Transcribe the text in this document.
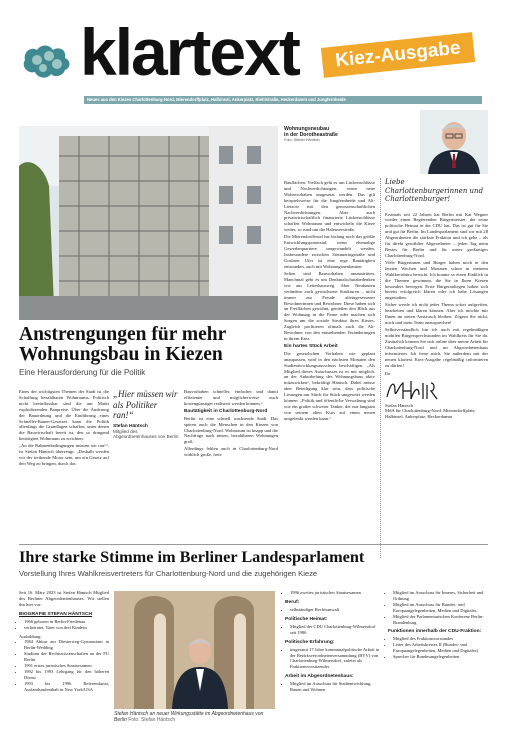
klartext	Kiez-Ausgabe
Neues aus den Kiezen Charlottenburg-Nord, Mierendorffplatz, Halbinsel, Ankerplatz, Riehlstraße, Heckerdamm und Jungfernheide
Wohnungsneubau
in der Dorotheastraße
Foto: Stefan Häntsch
Anstrengungen für mehr Wohnungsbau in Kiezen
Eine Herausforderung für die Politik

Eines der wichtigsten Themen der Stadt ist die Schaffung bezahlbaren Wohnraums. Politisch nicht beeinflussbar sind die am Markt explodierenden Baupreise. Über die Änderung der Bauordnung und die Einführung eines Schneller-Bauen-Gesetzes kann die Politik allerdings die Grundlagen schaffen, unter denen die Bauwirtschaft bereit ist, den so dringend benötigten Wohnraum zu errichten.

„An die Rahmenbedingungen müssen wir ran!“, ist Stefan Häntsch überzeugt. „Deshalb werden wir der treibende Motor sein, um ein Gesetz auf den Weg zu bringen, durch das

„Hier müssen wir als Politiker ran!“
Stefan Häntsch
Mitglied des Abgeordnetenhauses von Berlin

Bauvorhaben schneller, einfacher und damit effizienter und möglicherweise auch kostengünstiger realisiert werden können.“

Bautätigkeit in Charlottenburg-Nord

Berlin ist eine schnell wachsende Stadt. Das spüren auch die Menschen in den Kiezen von Charlottenburg-Nord. Wohnraum ist knapp und die Nachfrage nach neuen, bezahlbaren Wohnungen groß.

Allerdings fehlen auch in Charlottenburg-Nord wirklich große, freie

Bauflächen. Vielfach geht es um Lückenschlüsse und Nachverdichtungen, wenn neue Wohnvorhaben umgesetzt werden. Das gilt beispielsweise für die Jungfernheide und Alt-Lietzow mit den genossenschaftlichen Nachverdichtungen. Aber auch privatwirtschaftlich finanzierte Lückenschlüsse schaffen Wohnraum und entwickeln die Kieze weiter, so rund um die Halenseestraße.

Die Mierendorffinsel hat bislang noch das größte Entwicklungspotenzial, wenn ehemalige Gewerbequartiere umgewandelt werden. Insbesondere zwischen Sömmeringstraße und Goslarer Ufer ist eine rege Bautätigkeit entstanden, auch mit Wohnungsneubauten.

Selten sind Bauvorhaben unumstritten. Manchmal geht es um Denkmalschutzbedenken wie am Letterhausweg. Aber Neubauten verändern auch gewachsene Strukturen – nicht immer zur Freude alteingesessener Bewohnerinnen und Bewohner. Diese haben sich an Freiflächen gewöhnt, genießen den Blick aus der Wohnung in die Ferne oder machen sich Sorgen um die soziale Struktur ihres Kiezes. Zugleich profitieren oftmals auch die Alt-Bewohner von den entstehenden Veränderungen in ihrem Kiez.

Ein hartes Stück Arbeit

Die gesetzlichen Vorhaben wie geplant anzupassen, wird in den nächsten Monaten den Stadtentwicklungsausschuss beschäftigen. „Als Mitglied dieses Ausschusses ist es mir möglich, an der Ankurbelung des Wohnungsbaus aktiv mitzuwirken“, bekräftigt Häntsch. Dabei müsse aber Beteiligung klar sein, dass politische Lösungen nur Stück für Stück umgesetzt werden können. „Politik und öffentliche Verwaltung sind wie ein großer schwerer Tanker, der nur langsam von seinem alten Kurs auf einen neuen umgelenkt werden kann.“

Liebe Charlottenburgerinnen und Charlottenburger!

Erstmals seit 22 Jahren hat Berlin mit Kai Wegner wieder einen Regierenden Bürgermeister, der seine politische Heimat in der CDU hat. Das ist gut für Sie und gut für Berlin. Im Landesparlament sind wir mit 28 Abgeordneten die stärkste Fraktion und ich gehe – als für direkt gewählter Abgeordneter – jeden Tag mein Bestes für Berlin und für unser großartiges Charlottenburg-Nord.

Viele Bürgerinnen und Bürger haben mich in den letzten Wochen und Monaten schon in meinem Wahlkreisbüro besucht. Ich konnte so einen Einblick in die Themen gewinnen, die Sie in Ihren Kiezen besonders bewegen. Erste Bürgeranliegen haben sich bereits erfolgreich klären oder ich habe Lösungen angestoßen.

Sicher werde ich nicht jedes Thema sofort aufgreifen, bearbeiten und klären können. Aber ich möchte mir Ihnen im steten Austausch bleiben. Zögern Sie nicht, mich und mein Team anzusprechen!

Selbstverständlich bin ich auch mit regelmäßigen mobilen Bürgersprechstunden im Wahlkreis für Sie da. Zusätzlich können Sie sich online über meine Arbeit für Charlottenburg-Nord und im Abgeordnetenhaus informieren. Ich freue mich, Sie außerdem mit der neuen klartext Kiez-Ausgabe regelmäßig informieren zu dürfen!

Ihr
Stefan Häntsch
MdA für Charlottenburg-Nord, Mierendorffplatz, Halbinsel, Ankerplatz, Heckerdamm
Ihre starke Stimme im Berliner Landesparlament
Vorstellung Ihres Wahlkreisvertreters für Charlottenburg-Nord und die zugehörigen Kieze

Seit 16. März 2023 ist Stefan Häntsch Mitglied des Berliner Abgeordnetenhauses. Wir stellen ihn hier vor:

BIOGRAFIE STEFAN HÄNTSCH
• 1966 geboren in Berlin-Friedenau
• verheiratet, Vater von drei Kindern
Ausbildung:
• 1984 Abitur am Diesterweg-Gymnasium in Berlin-Wedding
• Studium der Rechtswissenschaften an der FU Berlin
• 1991 erstes juristisches Staatsexamen
• 1992 bis 1993 Lehrgang für den höheren Dienst
• 1993 bis 1996 Referendariat, Auslandsaufenthalt in New York/USA
Stefan Häntsch an neuer Wirkungsstätte im Abgeordnetenhaus von Berlin Foto: Stefan Häntsch
• 1996 zweites juristisches Staatsexamen
Beruf:
• selbständiger Rechtsanwalt
Politische Heimat:
• Mitglied der CDU Charlottenburg-Wilmersdorf seit 1986
Politische Erfahrung:
• insgesamt 17 Jahre kommunalpolitische Arbeit in der Bezirksverordnetenversammlung (BVV) von Charlottenburg-Wilmersdorf, zuletzt als Fraktionsvorsitzender
Arbeit im Abgeordnetenhaus:
• Mitglied im Ausschuss für Stadtentwicklung, Bauen und Wohnen
• Mitglied im Ausschuss für Inneres, Sicherheit und Ordnung
• Mitglied im Ausschuss für Bundes- und Europaangelegenheiten, Medien und Digitales
• Mitglied der Parlamentarischen Konferenz Berlin-Brandenburg
Funktionen innerhalb der CDU-Fraktion:
• Mitglied des Fraktionsvorstandes
• Leiter des Arbeitskreises II (Bundes- und Europaangelegenheiten, Medien und Digitales)
• Sprecher für Bundesangelegenheiten
